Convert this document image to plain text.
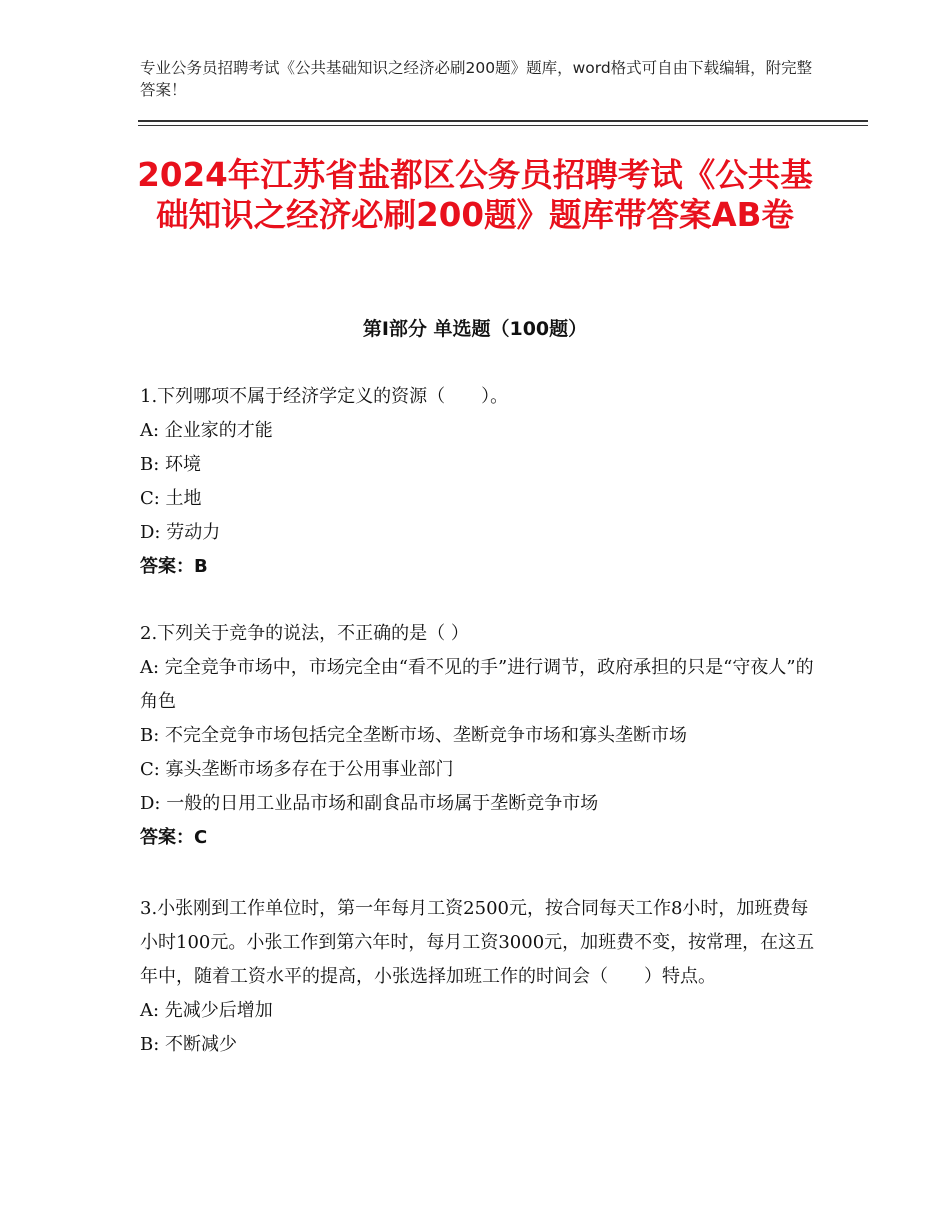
专业公务员招聘考试《公共基础知识之经济必刷200题》题库，word格式可自由下载编辑，附完整答案！
2024年江苏省盐都区公务员招聘考试《公共基础知识之经济必刷200题》题库带答案AB卷
第I部分 单选题（100题）
1.下列哪项不属于经济学定义的资源（　　）。
A: 企业家的才能
B: 环境
C: 土地
D: 劳动力
答案：B
2.下列关于竞争的说法，不正确的是（ ）
A: 完全竞争市场中，市场完全由“看不见的手”进行调节，政府承担的只是“守夜人”的角色
B: 不完全竞争市场包括完全垄断市场、垄断竞争市场和寡头垄断市场
C: 寡头垄断市场多存在于公用事业部门
D: 一般的日用工业品市场和副食品市场属于垄断竞争市场
答案：C
3.小张刚到工作单位时，第一年每月工资2500元，按合同每天工作8小时，加班费每小时100元。小张工作到第六年时，每月工资3000元，加班费不变，按常理，在这五年中，随着工资水平的提高，小张选择加班工作的时间会（　　）特点。
A: 先减少后增加
B: 不断减少
